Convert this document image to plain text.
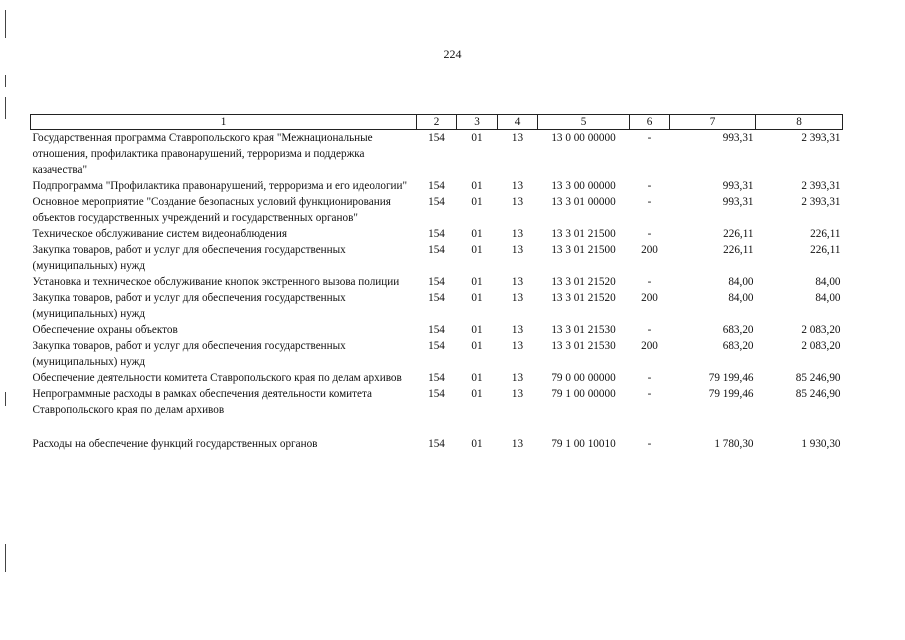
224
1	2	3	4	5	6	7	8
Государственная программа Ставропольского края "Межнациональные отношения, профилактика правонарушений, терроризма и поддержка казачества"	154	01	13	13 0 00 00000	-	993,31	2 393,31
Подпрограмма "Профилактика правонарушений, терроризма и его идеологии"	154	01	13	13 3 00 00000	-	993,31	2 393,31
Основное мероприятие "Создание безопасных условий функционирования объектов государственных учреждений и государственных органов"	154	01	13	13 3 01 00000	-	993,31	2 393,31
Техническое обслуживание систем видеонаблюдения	154	01	13	13 3 01 21500	-	226,11	226,11
Закупка товаров, работ и услуг для обеспечения государственных (муниципальных) нужд	154	01	13	13 3 01 21500	200	226,11	226,11
Установка и техническое обслуживание кнопок экстренного вызова полиции	154	01	13	13 3 01 21520	-	84,00	84,00
Закупка товаров, работ и услуг для обеспечения государственных (муниципальных) нужд	154	01	13	13 3 01 21520	200	84,00	84,00
Обеспечение охраны объектов	154	01	13	13 3 01 21530	-	683,20	2 083,20
Закупка товаров, работ и услуг для обеспечения государственных (муниципальных) нужд	154	01	13	13 3 01 21530	200	683,20	2 083,20
Обеспечение деятельности комитета Ставропольского края по делам архивов	154	01	13	79 0 00 00000	-	79 199,46	85 246,90
Непрограммные расходы в рамках обеспечения деятельности комитета Ставропольского края по делам архивов	154	01	13	79 1 00 00000	-	79 199,46	85 246,90

Расходы на обеспечение функций государственных органов	154	01	13	79 1 00 10010	-	1 780,30	1 930,30
